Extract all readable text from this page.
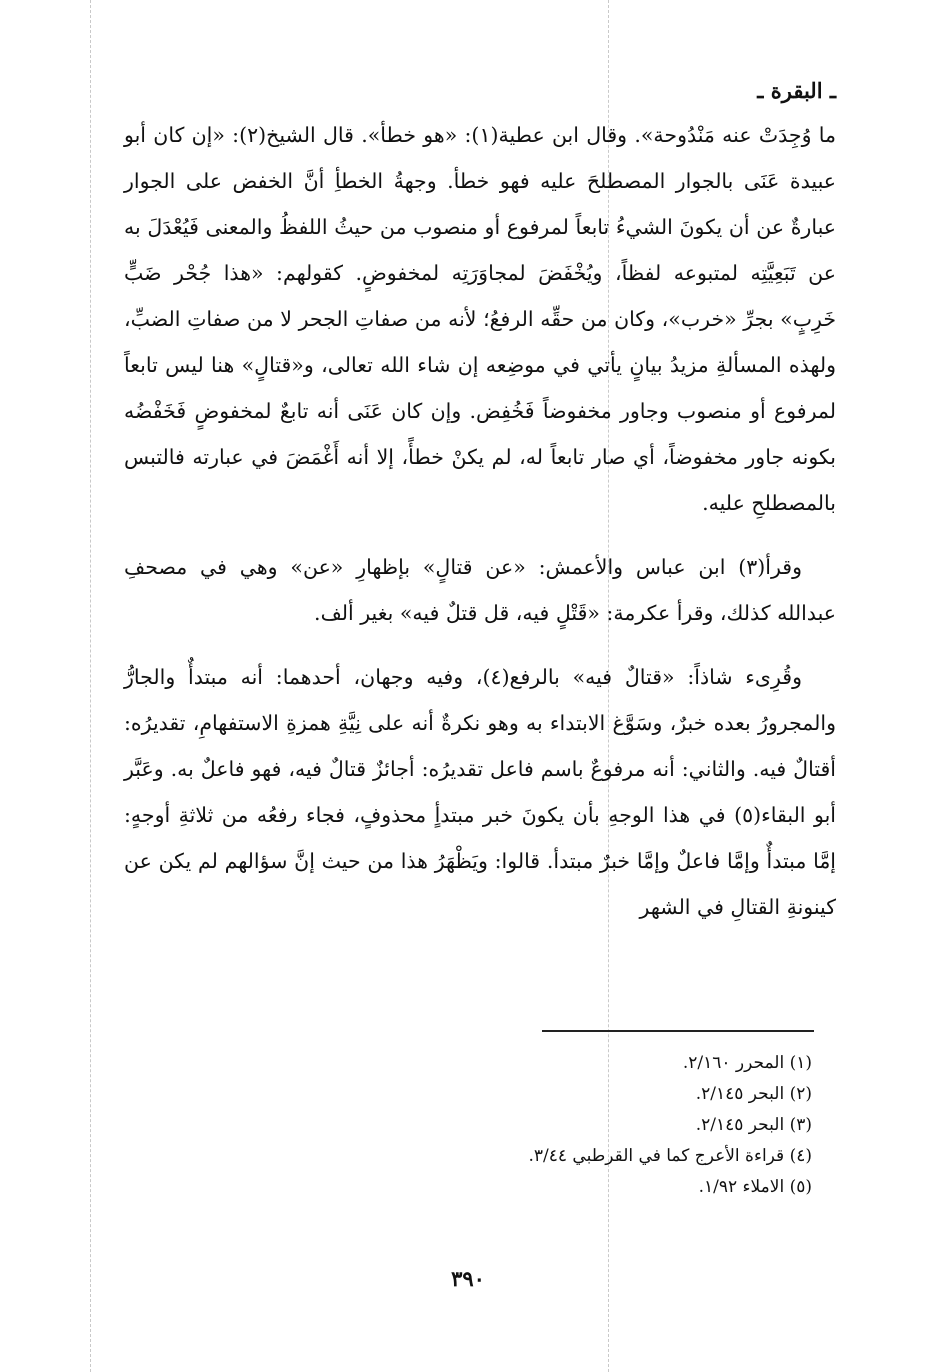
ـ البقرة ـ

ما وُجِدَتْ عنه مَنْدُوحة». وقال ابن عطية(١): «هو خطأ». قال الشيخ(٢): «إن كان أبو عبيدة عَنَى بالجوار المصطلحَ عليه فهو خطأ. وجهةُ الخطأِ أنَّ الخفض على الجوار عبارةٌ عن أن يكونَ الشيءُ تابعاً لمرفوع أو منصوب من حيثُ اللفظُ والمعنى فَيُعْدَلَ به عن تَبَعِيَّتِه لمتبوعه لفظاً، ويُخْفَضَ لمجاوَرَتِه لمخفوضٍ. كقولهم: «هذا جُحْر ضَبٍّ خَرِبٍ» بجرِّ «خرب»، وكان من حقِّه الرفعُ؛ لأنه من صفاتِ الجحر لا من صفاتِ الضبِّ، ولهذه المسألةِ مزيدُ بيانٍ يأتي في موضِعه إن شاء الله تعالى، و«قتالٍ» هنا ليس تابعاً لمرفوع أو منصوب وجاور مخفوضاً فَخُفِض. وإن كان عَنَى أنه تابعٌ لمخفوضٍ فَخَفْضُه بكونه جاور مخفوضاً، أي صار تابعاً له، لم يكنْ خطأً، إلا أنه أَغْمَضَ في عبارته فالتبس بالمصطلحِ عليه.

وقرأ(٣) ابن عباس والأعمش: «عن قتالٍ» بإظهارِ «عن» وهي في مصحفِ عبدالله كذلك، وقرأ عكرمة: «قَتْلٍ فيه، قل قتلٌ فيه» بغير ألف.

وقُرِىء شاذاً: «قتالٌ فيه» بالرفع(٤)، وفيه وجهان، أحدهما: أنه مبتدأٌ والجارُّ والمجرورُ بعده خبرٌ، وسَوَّغ الابتداء به وهو نكرةٌ أنه على نِيَّةِ همزةِ الاستفهامِ، تقديرُه: أقتالٌ فيه. والثاني: أنه مرفوعٌ باسم فاعل تقديرُه: أجائزٌ قتالٌ فيه، فهو فاعلٌ به. وعَبَّر أبو البقاء(٥) في هذا الوجهِ بأن يكونَ خبر مبتدأٍ محذوفٍ، فجاء رفعُه من ثلاثةِ أوجهٍ: إمَّا مبتدأٌ وإمَّا فاعلٌ وإمَّا خبرٌ مبتدأ. قالوا: ويَظْهَرُ هذا من حيث إنَّ سؤالهم لم يكن عن كينونةِ القتالِ في الشهر

(١) المحرر ٢/١٦٠.
(٢) البحر ٢/١٤٥.
(٣) البحر ٢/١٤٥.
(٤) قراءة الأعرج كما في القرطبي ٣/٤٤.
(٥) الاملاء ١/٩٢.
٣٩٠
